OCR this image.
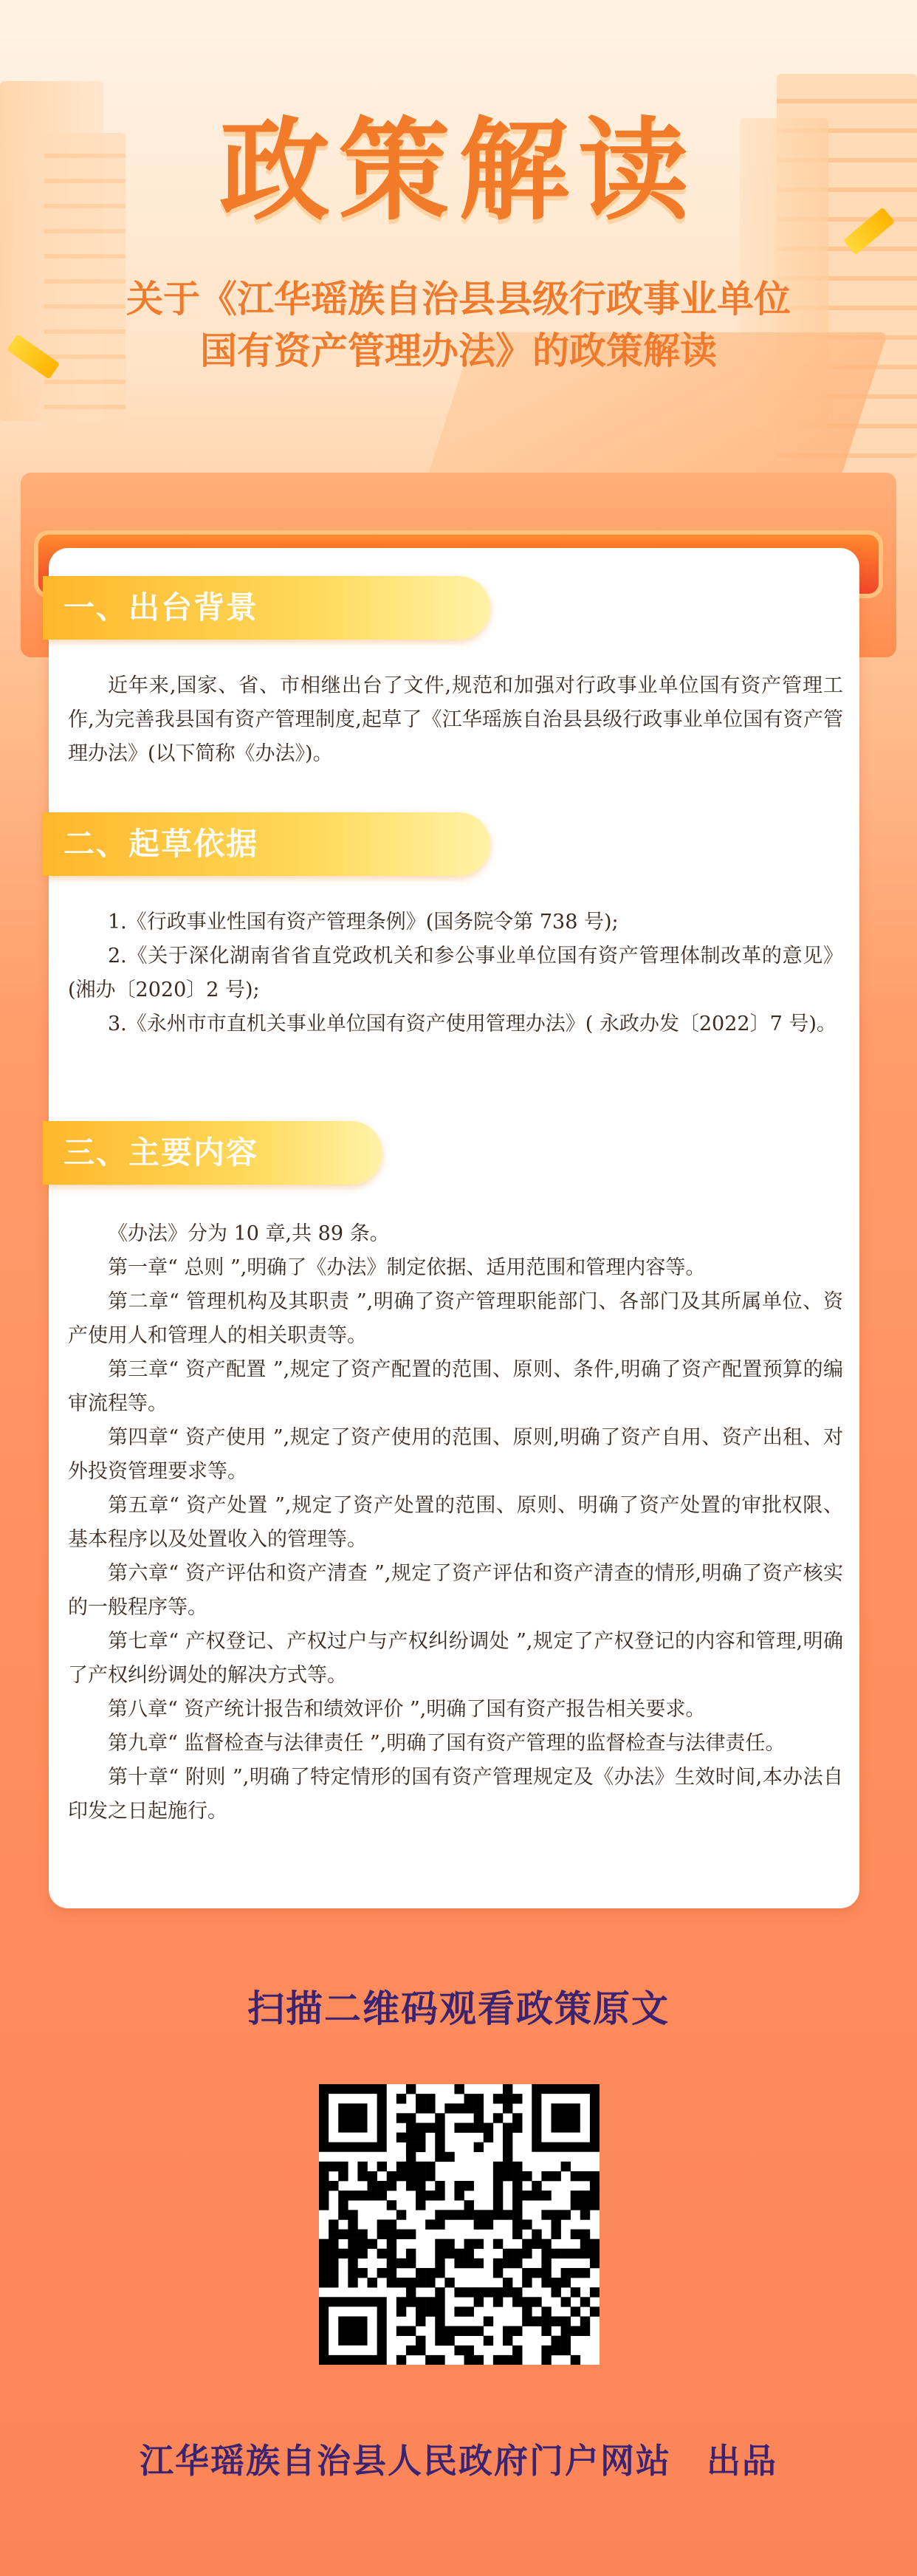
政策解读
关于《江华瑶族自治县县级行政事业单位
国有资产管理办法》的政策解读
一、出台背景

近年来,国家、省、市相继出台了文件,规范和加强对行政事业单位国有资产管理工作,为完善我县国有资产管理制度,起草了《江华瑶族自治县县级行政事业单位国有资产管理办法》(以下简称《办法》)。

二、起草依据

1.《行政事业性国有资产管理条例》(国务院令第 738 号);

2.《关于深化湖南省省直党政机关和参公事业单位国有资产管理体制改革的意见》(湘办〔2020〕2 号);

3.《永州市市直机关事业单位国有资产使用管理办法》( 永政办发〔2022〕7 号)。

三、主要内容

《办法》分为 10 章,共 89 条。

第一章“ 总则 ”,明确了《办法》制定依据、适用范围和管理内容等。

第二章“ 管理机构及其职责 ”,明确了资产管理职能部门、各部门及其所属单位、资产使用人和管理人的相关职责等。

第三章“ 资产配置 ”,规定了资产配置的范围、原则、条件,明确了资产配置预算的编审流程等。

第四章“ 资产使用 ”,规定了资产使用的范围、原则,明确了资产自用、资产出租、对外投资管理要求等。

第五章“ 资产处置 ”,规定了资产处置的范围、原则、明确了资产处置的审批权限、基本程序以及处置收入的管理等。

第六章“ 资产评估和资产清查 ”,规定了资产评估和资产清查的情形,明确了资产核实的一般程序等。

第七章“ 产权登记、产权过户与产权纠纷调处 ”,规定了产权登记的内容和管理,明确了产权纠纷调处的解决方式等。

第八章“ 资产统计报告和绩效评价 ”,明确了国有资产报告相关要求。

第九章“ 监督检查与法律责任 ”,明确了国有资产管理的监督检查与法律责任。

第十章“ 附则 ”,明确了特定情形的国有资产管理规定及《办法》生效时间,本办法自印发之日起施行。

扫描二维码观看政策原文
江华瑶族自治县人民政府门户网站　出品
